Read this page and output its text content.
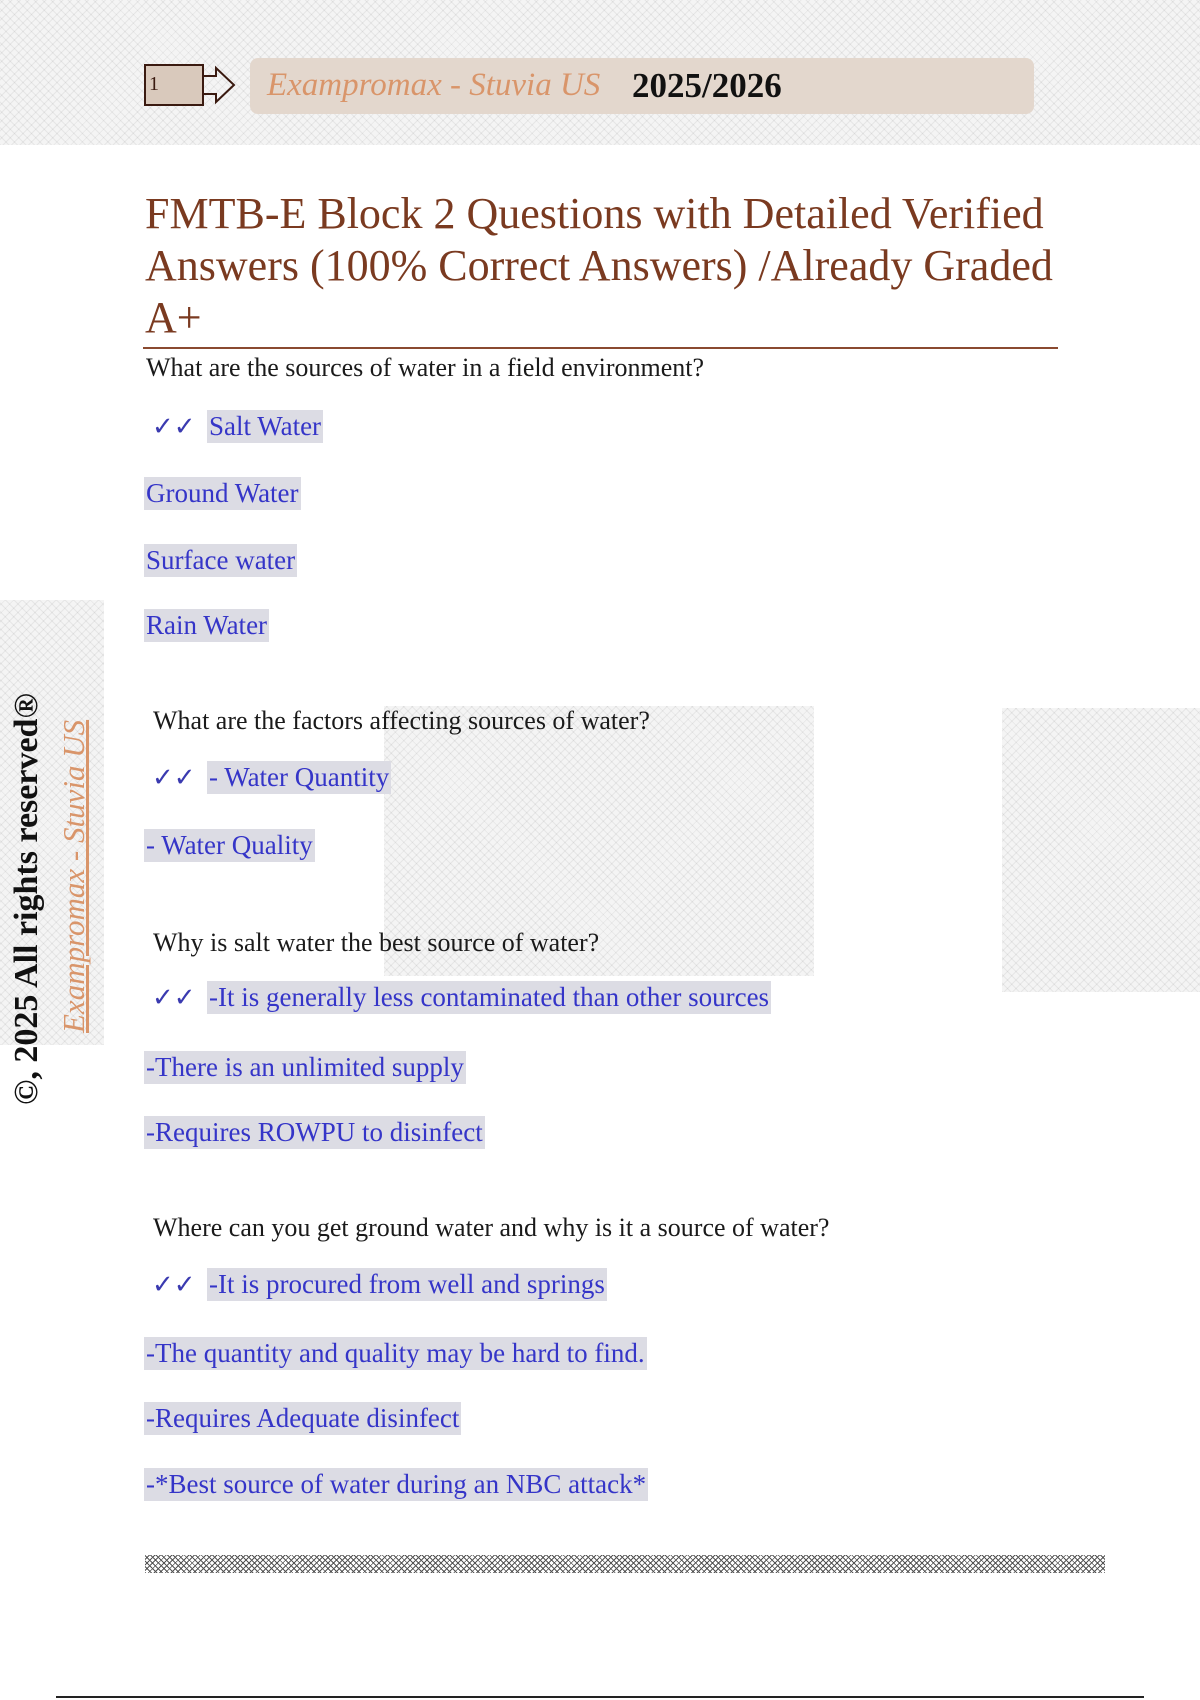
1	Exampromax - Stuvia US 2025/2026
©, 2025 All rights reserved® Exampromax - Stuvia US
FMTB-E Block 2 Questions with Detailed Verified Answers (100% Correct Answers) /Already Graded A+
What are the sources of water in a field environment?
✓✓ Salt Water
Ground Water
Surface water
Rain Water
What are the factors affecting sources of water?
✓✓ - Water Quantity
- Water Quality
Why is salt water the best source of water?
✓✓ -It is generally less contaminated than other sources
-There is an unlimited supply
-Requires ROWPU to disinfect
Where can you get ground water and why is it a source of water?
✓✓ -It is procured from well and springs
-The quantity and quality may be hard to find.
-Requires Adequate disinfect
-*Best source of water during an NBC attack*
